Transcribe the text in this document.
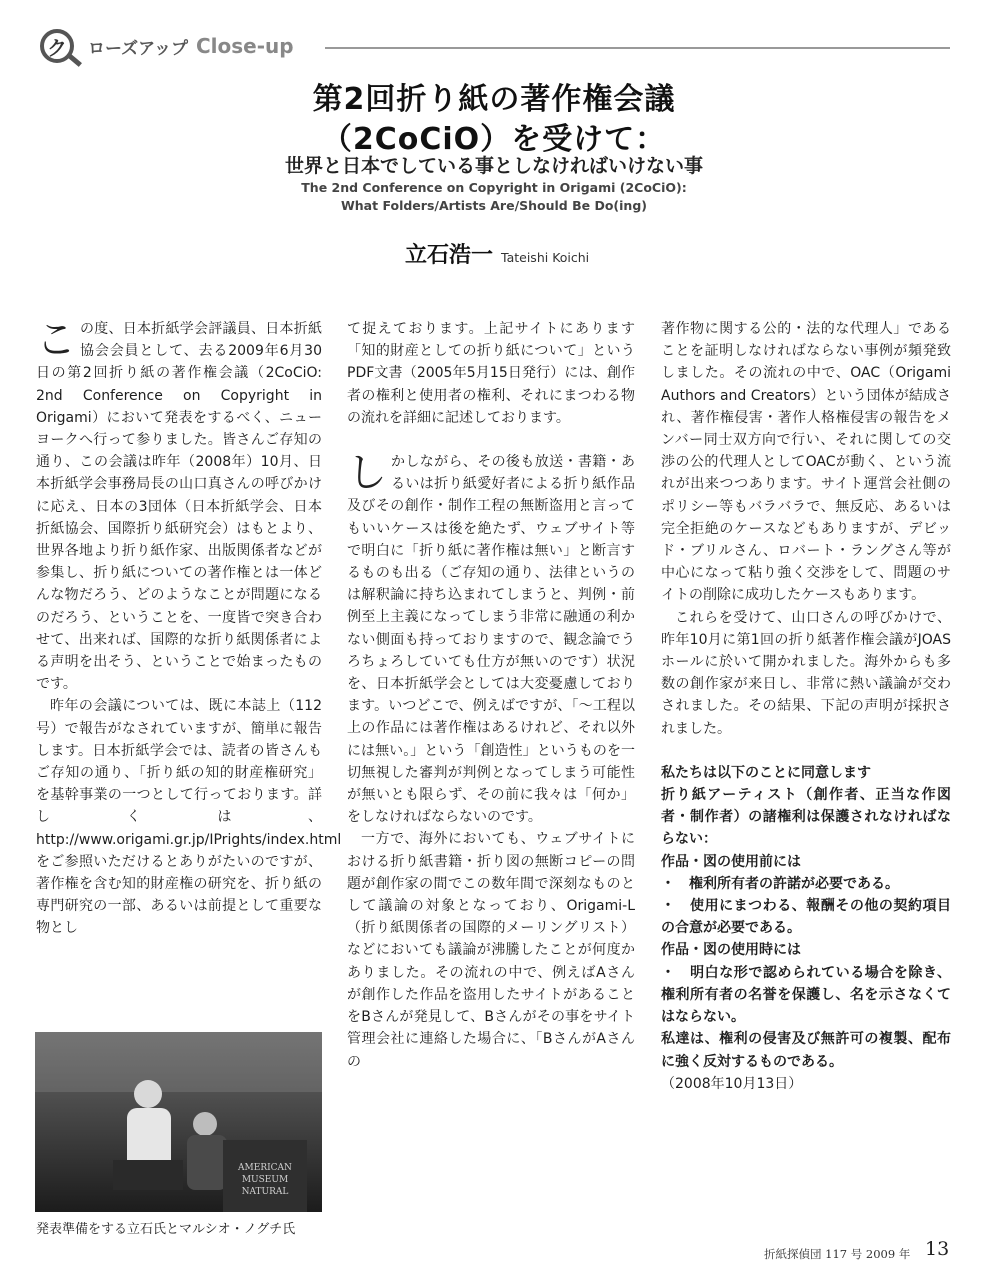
ク ローズアップ Close-up
第2回折り紙の著作権会議
（2CoCiO）を受けて：
世界と日本でしている事としなければいけない事
The 2nd Conference on Copyright in Origami (2CoCiO):
What Folders/Artists Are/Should Be Do(ing)
立石浩一 Tateishi Koichi

この度、日本折紙学会評議員、日本折紙協会会員として、去る2009年6月30日の第2回折り紙の著作権会議（2CoCiO: 2nd Conference on Copyright in Origami）において発表をするべく、ニューヨークへ行って参りました。皆さんご存知の通り、この会議は昨年（2008年）10月、日本折紙学会事務局長の山口真さんの呼びかけに応え、日本の3団体（日本折紙学会、日本折紙協会、国際折り紙研究会）はもとより、世界各地より折り紙作家、出版関係者などが参集し、折り紙についての著作権とは一体どんな物だろう、どのようなことが問題になるのだろう、ということを、一度皆で突き合わせて、出来れば、国際的な折り紙関係者による声明を出そう、ということで始まったものです。

昨年の会議については、既に本誌上（112号）で報告がなされていますが、簡単に報告します。日本折紙学会では、読者の皆さんもご存知の通り、「折り紙の知的財産権研究」を基幹事業の一つとして行っております。詳しくは、http://www.origami.gr.jp/IPrights/index.htmlをご参照いただけるとありがたいのですが、著作権を含む知的財産権の研究を、折り紙の専門研究の一部、あるいは前提として重要な物とし

AMERICAN
MUSEUM
NATURAL
発表準備をする立石氏とマルシオ・ノグチ氏

て捉えております。上記サイトにあります「知的財産としての折り紙について」というPDF文書（2005年5月15日発行）には、創作者の権利と使用者の権利、それにまつわる物の流れを詳細に記述しております。

しかしながら、その後も放送・書籍・あるいは折り紙愛好者による折り紙作品及びその創作・制作工程の無断盗用と言ってもいいケースは後を絶たず、ウェブサイト等で明白に「折り紙に著作権は無い」と断言するものも出る（ご存知の通り、法律というのは解釈論に持ち込まれてしまうと、判例・前例至上主義になってしまう非常に融通の利かない側面も持っておりますので、観念論でうろちょろしていても仕方が無いのです）状況を、日本折紙学会としては大変憂慮しております。いつどこで、例えばですが、「〜工程以上の作品には著作権はあるけれど、それ以外には無い。」という「創造性」というものを一切無視した審判が判例となってしまう可能性が無いとも限らず、その前に我々は「何か」をしなければならないのです。

一方で、海外においても、ウェブサイトにおける折り紙書籍・折り図の無断コピーの問題が創作家の間でこの数年間で深刻なものとして議論の対象となっており、Origami-L（折り紙関係者の国際的メーリングリスト）などにおいても議論が沸騰したことが何度かありました。その流れの中で、例えばAさんが創作した作品を盗用したサイトがあることをBさんが発見して、Bさんがその事をサイト管理会社に連絡した場合に、「BさんがAさんの

著作物に関する公的・法的な代理人」であることを証明しなければならない事例が頻発致しました。その流れの中で、OAC（Origami Authors and Creators）という団体が結成され、著作権侵害・著作人格権侵害の報告をメンバー同士双方向で行い、それに関しての交渉の公的代理人としてOACが動く、という流れが出来つつあります。サイト運営会社側のポリシー等もバラバラで、無反応、あるいは完全拒絶のケースなどもありますが、デビッド・ブリルさん、ロバート・ラングさん等が中心になって粘り強く交渉をして、問題のサイトの削除に成功したケースもあります。

これらを受けて、山口さんの呼びかけで、昨年10月に第1回の折り紙著作権会議がJOASホールに於いて開かれました。海外からも多数の創作家が来日し、非常に熱い議論が交わされました。その結果、下記の声明が採択されました。

私たちは以下のことに同意します

折り紙アーティスト（創作者、正当な作図者・制作者）の諸権利は保護されなければならない：

作品・図の使用前には

・　権利所有者の許諾が必要である。

・　使用にまつわる、報酬その他の契約項目の合意が必要である。

作品・図の使用時には

・　明白な形で認められている場合を除き、権利所有者の名誉を保護し、名を示さなくてはならない。

私達は、権利の侵害及び無許可の複製、配布に強く反対するものである。

（2008年10月13日）

折紙探偵団 117 号 2009 年 13
